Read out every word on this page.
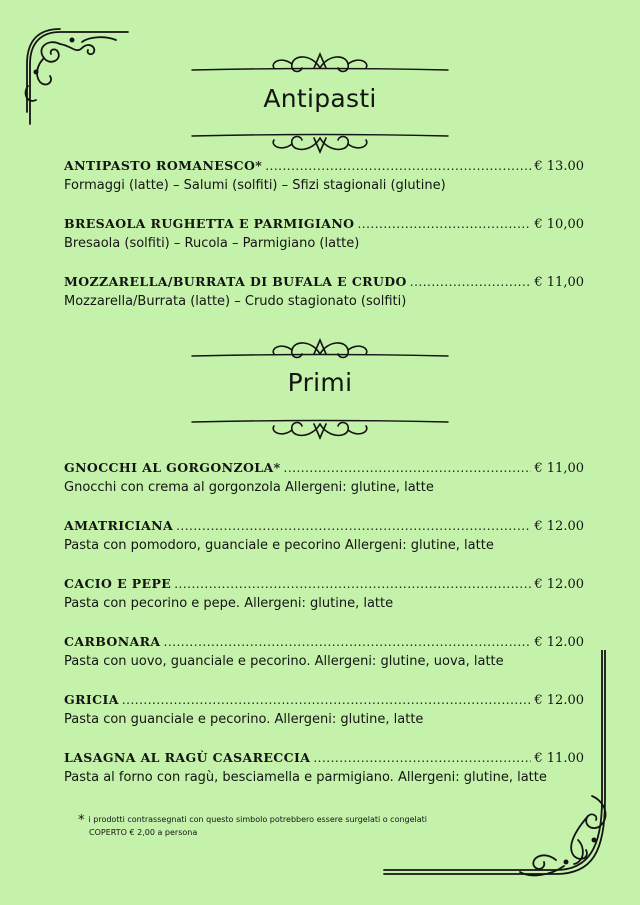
Antipasti
ANTIPASTO ROMANESCO* .....	€ 13.00
Formaggi (latte) – Salumi (solfiti) – Sfizi stagionali (glutine)
BRESAOLA RUGHETTA E PARMIGIANO .....	€ 10,00
Bresaola (solfiti) – Rucola – Parmigiano (latte)
MOZZARELLA/BURRATA DI BUFALA E CRUDO .....	€ 11,00
Mozzarella/Burrata (latte) – Crudo stagionato (solfiti)
Primi
GNOCCHI AL GORGONZOLA* .....	€ 11,00
Gnocchi con crema al gorgonzola Allergeni: glutine, latte
AMATRICIANA .....	€ 12.00
Pasta con pomodoro, guanciale e pecorino Allergeni: glutine, latte
CACIO E PEPE .....	€ 12.00
Pasta con pecorino e pepe. Allergeni: glutine, latte
CARBONARA .....	€ 12.00
Pasta con uovo, guanciale e pecorino. Allergeni: glutine, uova, latte
GRICIA .....	€ 12.00
Pasta con guanciale e pecorino. Allergeni: glutine, latte
LASAGNA AL RAGÙ CASARECCIA .....	€ 11.00
Pasta al forno con ragù, besciamella e parmigiano. Allergeni: glutine, latte
* i prodotti contrassegnati con questo simbolo potrebbero essere surgelati o congelati
COPERTO € 2,00 a persona
